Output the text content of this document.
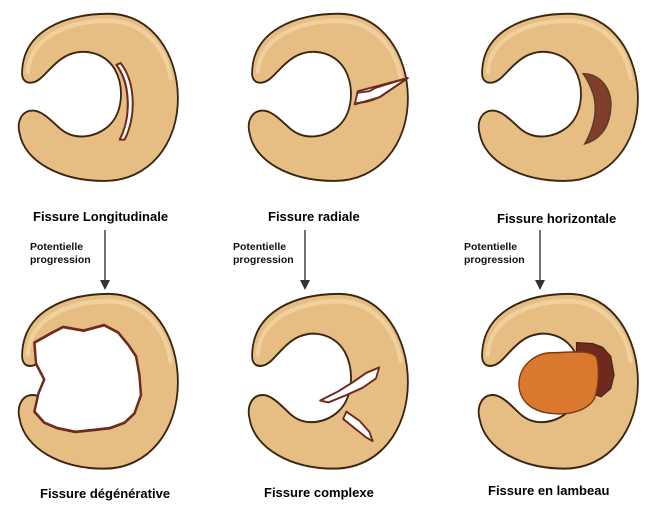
Fissure Longitudinale	Fissure radiale	Fissure horizontale
Fissure dégénérative	Fissure complexe	Fissure en lambeau
Potentielle
progression
Potentielle
progression
Potentielle
progression
